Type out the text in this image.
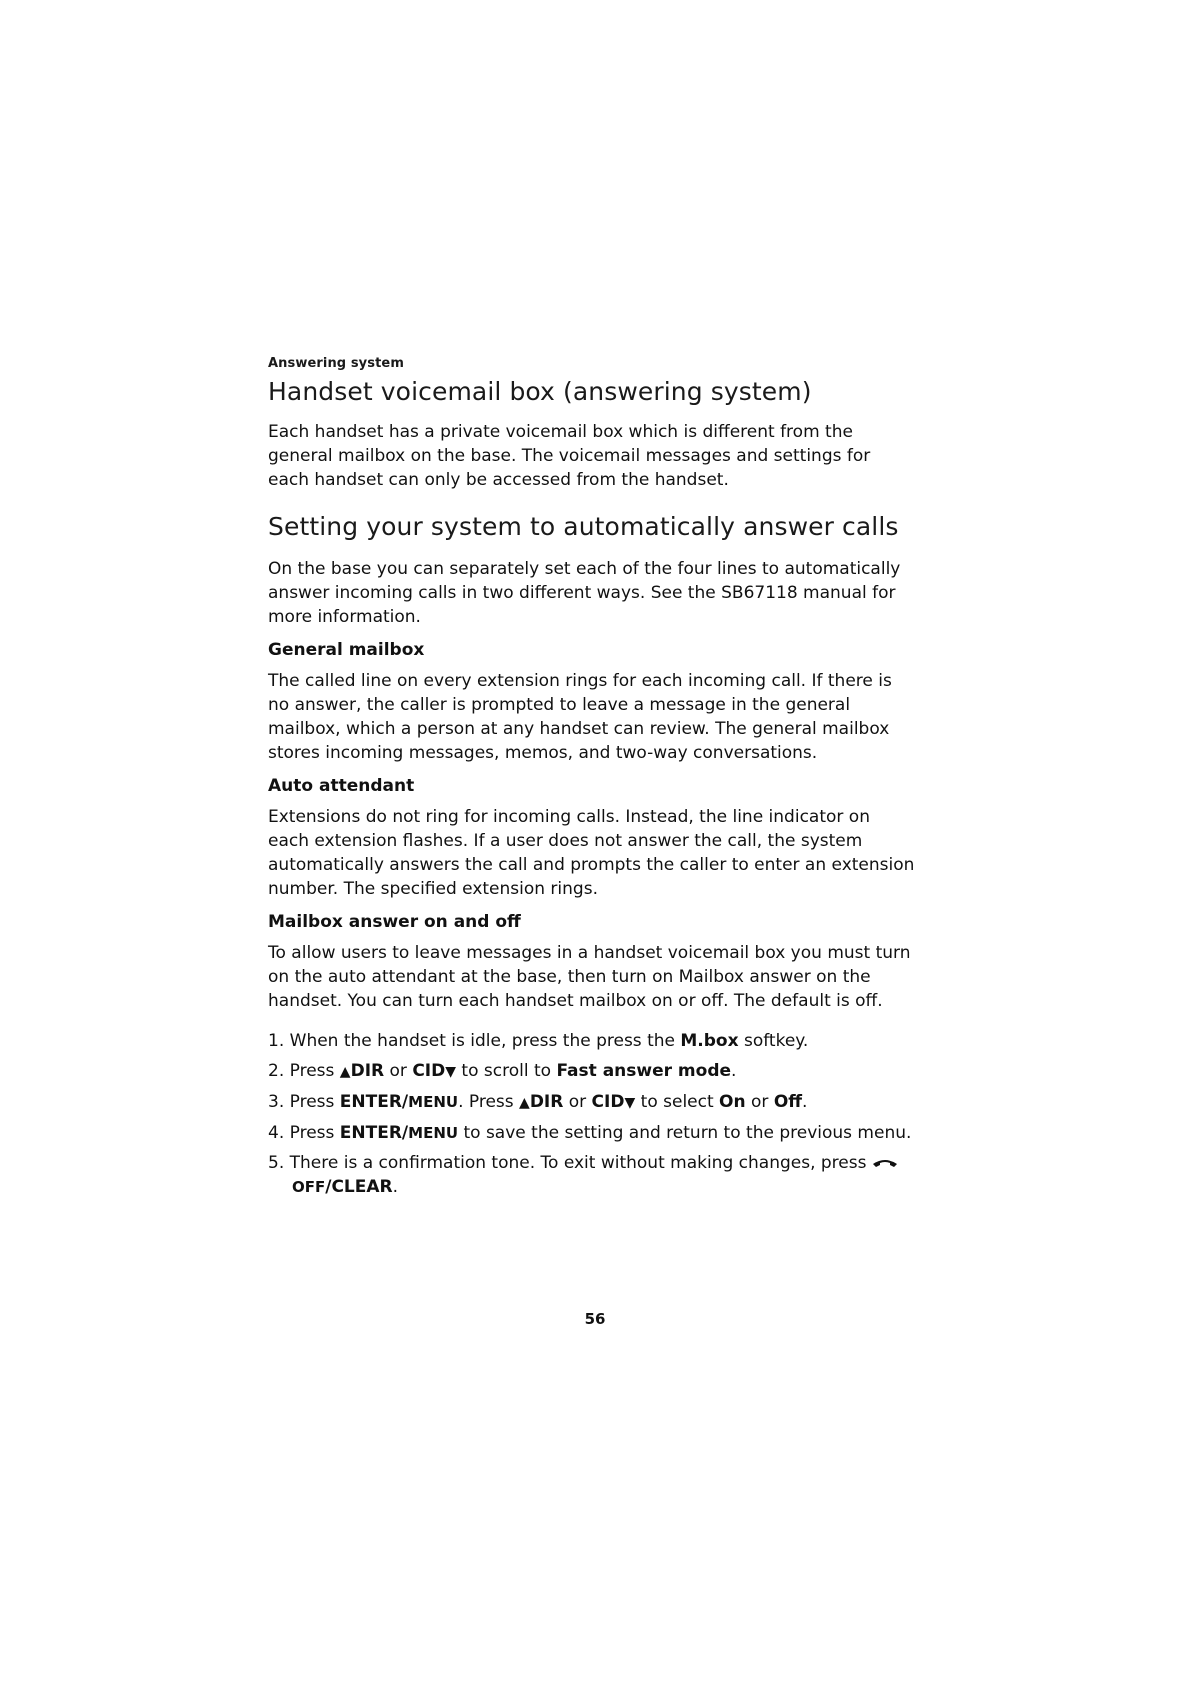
Answering system
Handset voicemail box (answering system)

Each handset has a private voicemail box which is different from the general mailbox on the base. The voicemail messages and settings for each handset can only be accessed from the handset.

Setting your system to automatically answer calls

On the base you can separately set each of the four lines to automatically answer incoming calls in two different ways. See the SB67118 manual for more information.

General mailbox

The called line on every extension rings for each incoming call. If there is no answer, the caller is prompted to leave a message in the general mailbox, which a person at any handset can review. The general mailbox stores incoming messages, memos, and two-way conversations.

Auto attendant

Extensions do not ring for incoming calls. Instead, the line indicator on each extension flashes. If a user does not answer the call, the system automatically answers the call and prompts the caller to enter an extension number. The specified extension rings.

Mailbox answer on and off

To allow users to leave messages in a handset voicemail box you must turn on the auto attendant at the base, then turn on Mailbox answer on the handset. You can turn each handset mailbox on or off. The default is off.

1. When the handset is idle, press the press the M.box softkey.
2. Press ▲DIR or CID▼ to scroll to Fast answer mode.
3. Press ENTER/MENU. Press ▲DIR or CID▼ to select On or Off.
4. Press ENTER/MENU to save the setting and return to the previous menu.
5. There is a confirmation tone. To exit without making changes, press OFF/CLEAR.
56
